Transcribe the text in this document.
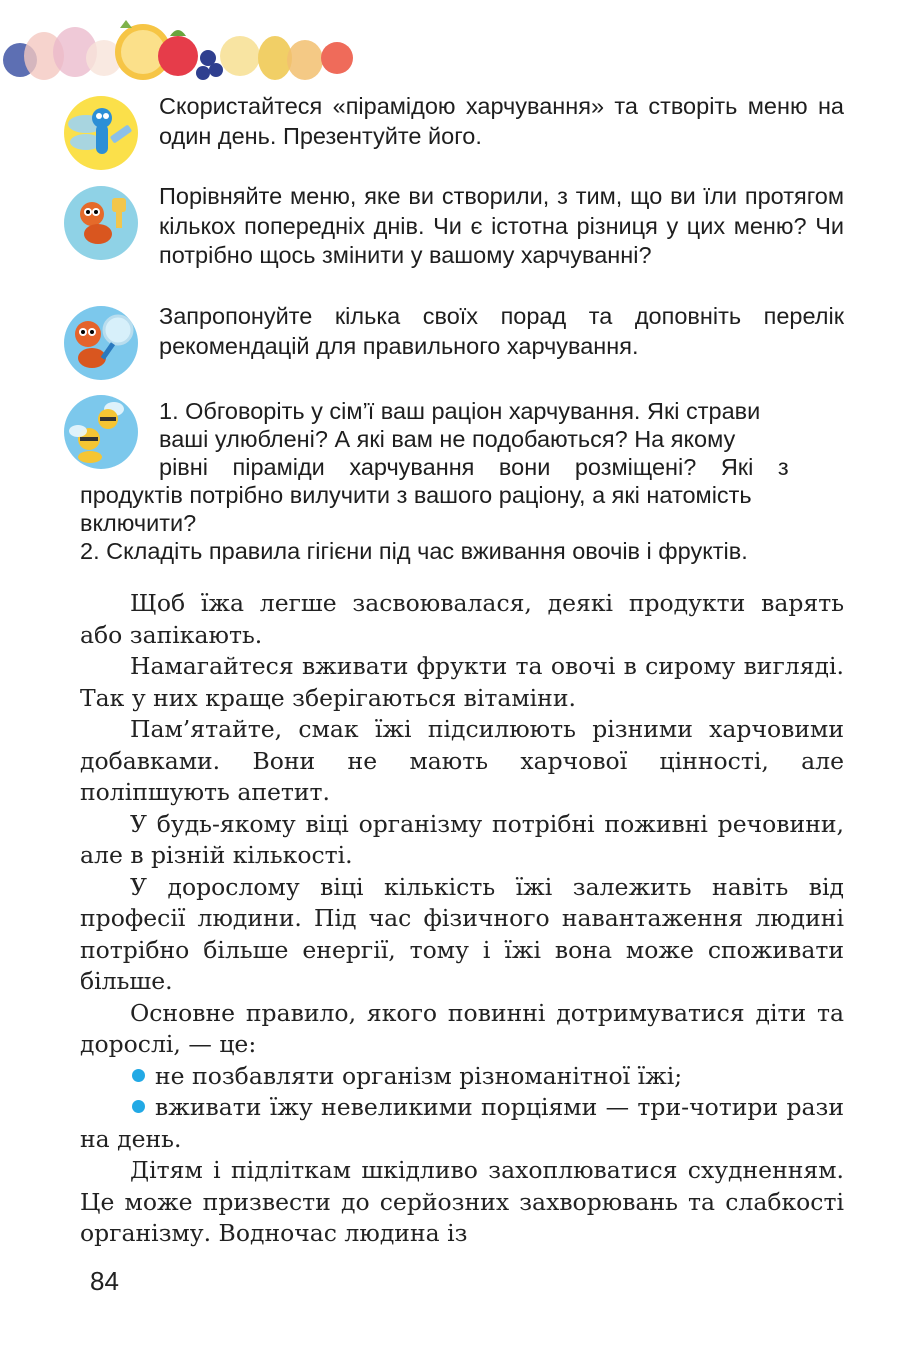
Скористайтеся «пірамідою харчування» та створіть меню на один день. Презентуйте його.

Порівняйте меню, яке ви створили, з тим, що ви їли протягом кількох попередніх днів. Чи є істотна різниця у цих меню? Чи потрібно щось змінити у вашому харчуванні?

Запропонуйте кілька своїх порад та доповніть перелік рекомендацій для правильного харчування.

1. Обговоріть у сім’ї ваш раціон харчування. Які страви
ваші улюблені? А які вам не подобаються? На якому
рівні піраміди харчування вони розміщені? Які з
продуктів потрібно вилучити з вашого раціону, а які натомість
включити?
2. Складіть правила гігієни під час вживання овочів і фруктів.

Щоб їжа легше засвоювалася, деякі продукти варять або запікають.

Намагайтеся вживати фрукти та овочі в сирому вигляді. Так у них краще зберігаються вітаміни.

Пам’ятайте, смак їжі підсилюють різними харчовими добавками. Вони не мають харчової цінності, але поліпшують апетит.

У будь-якому віці організму потрібні поживні речовини, але в різній кількості.

У дорослому віці кількість їжі залежить навіть від професії людини. Під час фізичного навантаження людині потрібно більше енергії, тому і їжі вона може споживати більше.

Основне правило, якого повинні дотримуватися діти та дорослі, — це:

не позбавляти організм різноманітної їжі;

вживати їжу невеликими порціями — три-чотири рази на день.

Дітям і підліткам шкідливо захоплюватися схудненням. Це може призвести до серйозних захворювань та слабкості організму. Водночас людина із

84
